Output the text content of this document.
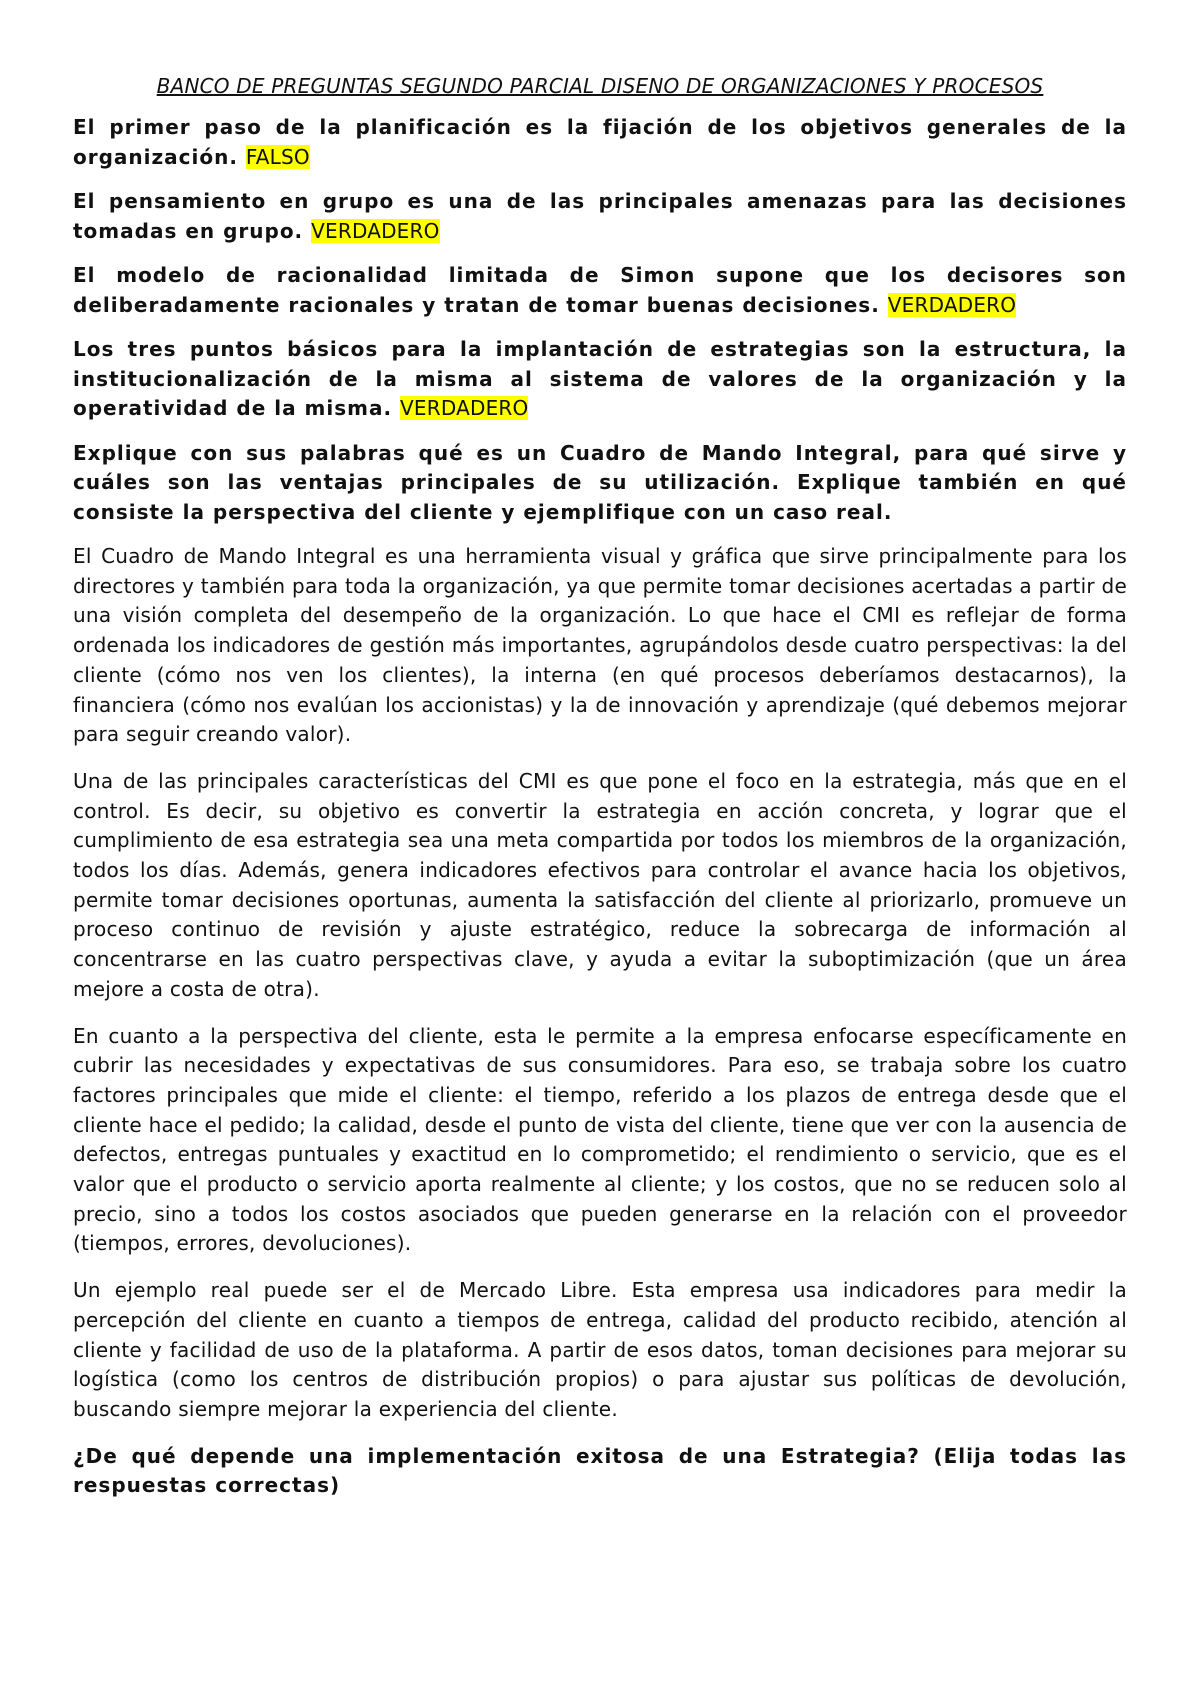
BANCO DE PREGUNTAS SEGUNDO PARCIAL DISENO DE ORGANIZACIONES Y PROCESOS

El primer paso de la planificación es la fijación de los objetivos generales de la organización. FALSO

El pensamiento en grupo es una de las principales amenazas para las decisiones tomadas en grupo. VERDADERO

El modelo de racionalidad limitada de Simon supone que los decisores son deliberadamente racionales y tratan de tomar buenas decisiones. VERDADERO

Los tres puntos básicos para la implantación de estrategias son la estructura, la institucionalización de la misma al sistema de valores de la organización y la operatividad de la misma. VERDADERO

Explique con sus palabras qué es un Cuadro de Mando Integral, para qué sirve y cuáles son las ventajas principales de su utilización. Explique también en qué consiste la perspectiva del cliente y ejemplifique con un caso real.

El Cuadro de Mando Integral es una herramienta visual y gráfica que sirve principalmente para los directores y también para toda la organización, ya que permite tomar decisiones acertadas a partir de una visión completa del desempeño de la organización. Lo que hace el CMI es reflejar de forma ordenada los indicadores de gestión más importantes, agrupándolos desde cuatro perspectivas: la del cliente (cómo nos ven los clientes), la interna (en qué procesos deberíamos destacarnos), la financiera (cómo nos evalúan los accionistas) y la de innovación y aprendizaje (qué debemos mejorar para seguir creando valor).

Una de las principales características del CMI es que pone el foco en la estrategia, más que en el control. Es decir, su objetivo es convertir la estrategia en acción concreta, y lograr que el cumplimiento de esa estrategia sea una meta compartida por todos los miembros de la organización, todos los días. Además, genera indicadores efectivos para controlar el avance hacia los objetivos, permite tomar decisiones oportunas, aumenta la satisfacción del cliente al priorizarlo, promueve un proceso continuo de revisión y ajuste estratégico, reduce la sobrecarga de información al concentrarse en las cuatro perspectivas clave, y ayuda a evitar la suboptimización (que un área mejore a costa de otra).

En cuanto a la perspectiva del cliente, esta le permite a la empresa enfocarse específicamente en cubrir las necesidades y expectativas de sus consumidores. Para eso, se trabaja sobre los cuatro factores principales que mide el cliente: el tiempo, referido a los plazos de entrega desde que el cliente hace el pedido; la calidad, desde el punto de vista del cliente, tiene que ver con la ausencia de defectos, entregas puntuales y exactitud en lo comprometido; el rendimiento o servicio, que es el valor que el producto o servicio aporta realmente al cliente; y los costos, que no se reducen solo al precio, sino a todos los costos asociados que pueden generarse en la relación con el proveedor (tiempos, errores, devoluciones).

Un ejemplo real puede ser el de Mercado Libre. Esta empresa usa indicadores para medir la percepción del cliente en cuanto a tiempos de entrega, calidad del producto recibido, atención al cliente y facilidad de uso de la plataforma. A partir de esos datos, toman decisiones para mejorar su logística (como los centros de distribución propios) o para ajustar sus políticas de devolución, buscando siempre mejorar la experiencia del cliente.

¿De qué depende una implementación exitosa de una Estrategia? (Elija todas las respuestas correctas)
